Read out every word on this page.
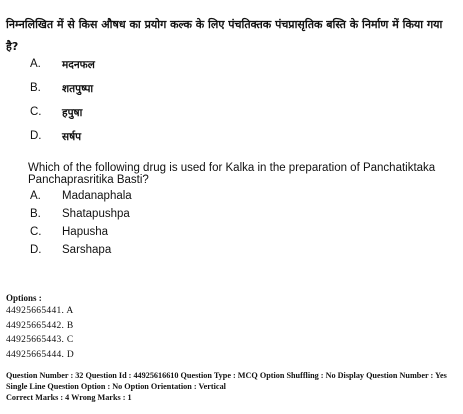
निम्नलिखित में से किस औषध का प्रयोग कल्क के लिए पंचतिक्तक पंचप्रासृतिक बस्ति के निर्माण में किया गया है?
A. मदनफल
B. शतपुष्पा
C. हपुषा
D. सर्षप
Which of the following drug is used for Kalka in the preparation of Panchatiktaka Panchaprasritika Basti?
A. Madanaphala
B. Shatapushpa
C. Hapusha
D. Sarshapa
Options :
44925665441. A
44925665442. B
44925665443. C
44925665444. D
Question Number : 32 Question Id : 44925616610 Question Type : MCQ Option Shuffling : No Display Question Number : Yes
Single Line Question Option : No Option Orientation : Vertical
Correct Marks : 4 Wrong Marks : 1
